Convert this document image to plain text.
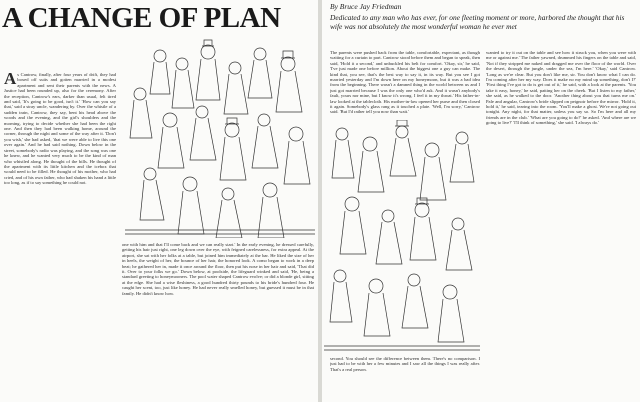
A CHANGE OF PLAN	By Bruce Jay Friedman
Dedicated to any man who has ever, for one fleeting moment or more, harbored the thought that his wife was not absolutely the most wonderful woman he ever met
As Cantrow, finally, after four years of drift, they had boxed off suits and gotten married in a modest apartment and sent their parents with the news. A Justice had been rounded up, also for the ceremony. After the reception, Cantrow's ears, darker than usual, felt tired and said, 'It's going to be good, isn't it.' 'How can you say that,' said a stray uncle, wandering by. Over the whistle of a sudden train, Cantrow, they say, bent his head above the woods and the evening, and the girl's shoulders and the morning, trying to decide whether she had been the right one. And then they had been walking home, around the corner, through the night and some of the way after it. 'Don't you wish,' she had asked, 'that we were able to live this one over again.' And he had said nothing. Down below in the street, somebody's radio was playing, and the song was one he knew, and he wanted very much to be the kind of man who whistled along. He thought of the bills. He thought of the apartment with its little kitchen and the icebox that would need to be filled. He thought of his mother, who had cried, and of his own father, who had shaken his hand a little too long, as if to say something he could not.
one with him and that I'll come back and we can really start.' In the early evening, he dressed carefully, getting his hair just right, one leg down over the eye, with feigned carelessness, for extra appeal. At the airport, she sat with her folks at a table, but joined him immediately at the bar. He liked the size of her in heels, the weight of her, the bounce of her hair, the honored look. A como began to work in a deep beat; he gathered her in, made it once around the floor, then put his nose in her hair and said, 'That did it. Over to your folks we go.' Down below, at poolside, the lifeguard winked and said, 'He, being a standard greeting to honeymooners. The pool water shaped Cantrow evolve; or did a blonde girl, sitting at the edge. She had a wise fleshiness, a good hundred thirty pounds to his bride's hundred four. He caught her scent, too, just like honey. He had never really smelled honey, but guessed it must be in that family. He didn't know how.
The parents were pushed back from the table, comfortable, expectant, as though waiting for a curtain to part. Cantrow stood before them and began to speak, then said, 'Hold it a second,' and unbuckled his belt for comfort. 'Okay, sir,' he said, 'I've just made one before million. About the biggest one a guy can make. The kind that, you see, that's the best way to say it, in its way. But you see I got married yesterday and I'm down here on my honeymoon, but it was a bad idea from the beginning. There wasn't a damned thing in the world between us and I just got married because I was the only one who'd ask. And it wasn't anybody's fault, yours nor mine, but I know it's wrong. I feel it in my throat.' His father-in-law looked at the tablecloth. His mother-in-law opened her purse and then closed it again. Somebody's glass rang as it touched a plate. 'Well, I'm sorry,' Cantrow said. 'But I'd rather tell you now than wait.'
second. You should see the difference between them. There's no comparison. I just had to be with her a few minutes and I saw all the things I was really after. That's a real person.
wanted to try it out on the table and see how it struck you, when you were with me or against me.' The father yawned, drummed his fingers on the table and said, 'Not if they stripped me naked and dragged me over the floor of the world. Over the desert, through the jungle, under the sea, I'm here.' 'Okay,' said Cantrow. 'Long as we're clear. But you don't like me, sir. You don't know what I can do. I'm coming after her my way. Does it make no my mind up something, don't I?' 'First thing I've got to do is get out of it,' he said, with a look at the parents. 'You take it easy, honey,' he said, patting her on the cheek. 'But I listen to my father,' she said, as he walked to the door. 'Another thing about you that turns me on.' Pale and angular, Cantrow's bride slipped on peignoir before the mirror. 'Hold it, hold it,' he said, tearing into the room. 'You'll make a ghost. We're not going out tonight. Any night, for that matter, unless you say so. So I'm here and all my friends are in the club.' 'What are you going to do?' he asked. 'And where are we going to live?' 'I'll think of something,' she said. 'I always do.'
